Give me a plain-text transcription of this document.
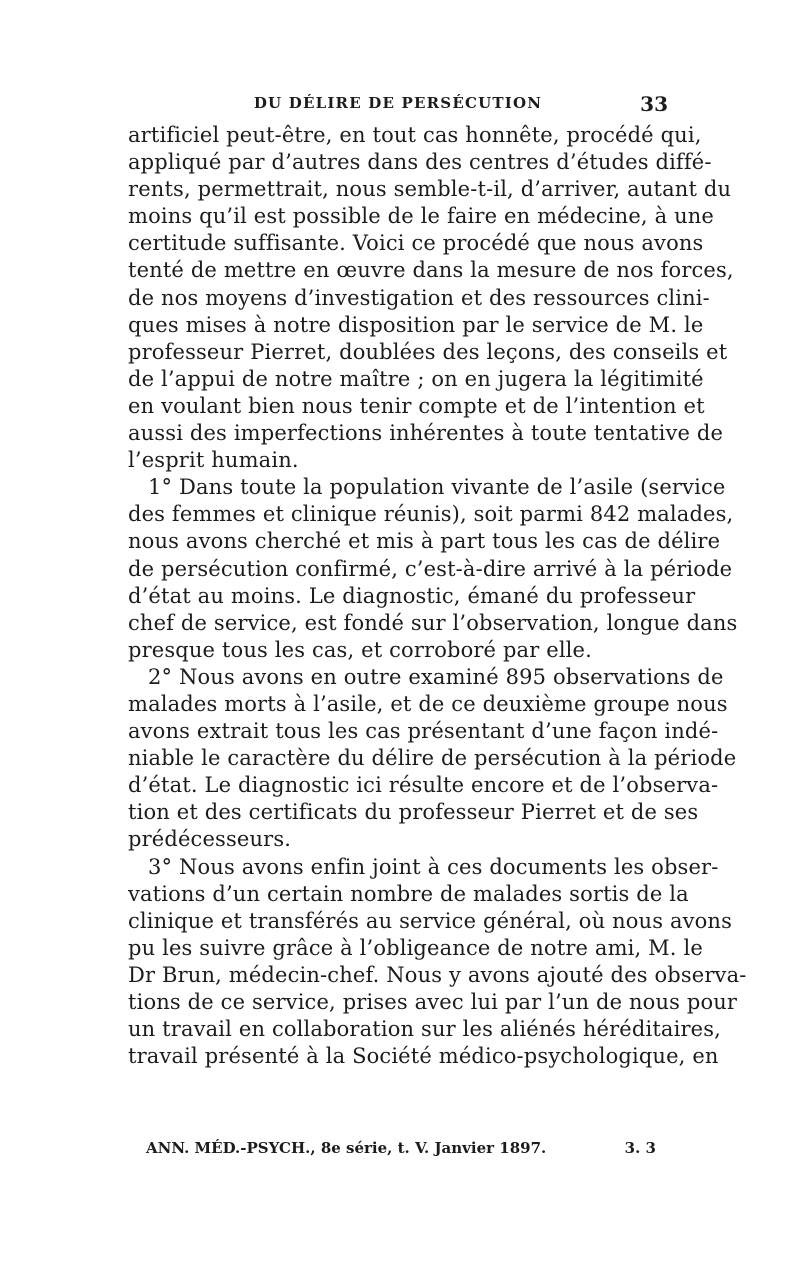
DU DÉLIRE DE PERSÉCUTION	33
artificiel peut-être, en tout cas honnête, procédé qui,
appliqué par d’autres dans des centres d’études diffé-
rents, permettrait, nous semble-t-il, d’arriver, autant du
moins qu’il est possible de le faire en médecine, à une
certitude suffisante. Voici ce procédé que nous avons
tenté de mettre en œuvre dans la mesure de nos forces,
de nos moyens d’investigation et des ressources clini-
ques mises à notre disposition par le service de M. le
professeur Pierret, doublées des leçons, des conseils et
de l’appui de notre maître ; on en jugera la légitimité
en voulant bien nous tenir compte et de l’intention et
aussi des imperfections inhérentes à toute tentative de
l’esprit humain.
1° Dans toute la population vivante de l’asile (service
des femmes et clinique réunis), soit parmi 842 malades,
nous avons cherché et mis à part tous les cas de délire
de persécution confirmé, c’est-à-dire arrivé à la période
d’état au moins. Le diagnostic, émané du professeur
chef de service, est fondé sur l’observation, longue dans
presque tous les cas, et corroboré par elle.
2° Nous avons en outre examiné 895 observations de
malades morts à l’asile, et de ce deuxième groupe nous
avons extrait tous les cas présentant d’une façon indé-
niable le caractère du délire de persécution à la période
d’état. Le diagnostic ici résulte encore et de l’observa-
tion et des certificats du professeur Pierret et de ses
prédécesseurs.
3° Nous avons enfin joint à ces documents les obser-
vations d’un certain nombre de malades sortis de la
clinique et transférés au service général, où nous avons
pu les suivre grâce à l’obligeance de notre ami, M. le
Dr Brun, médecin-chef. Nous y avons ajouté des observa-
tions de ce service, prises avec lui par l’un de nous pour
un travail en collaboration sur les aliénés héréditaires,
travail présenté à la Société médico-psychologique, en
ANN. MÉD.-PSYCH., 8e série, t. V. Janvier 1897.	3. 3
